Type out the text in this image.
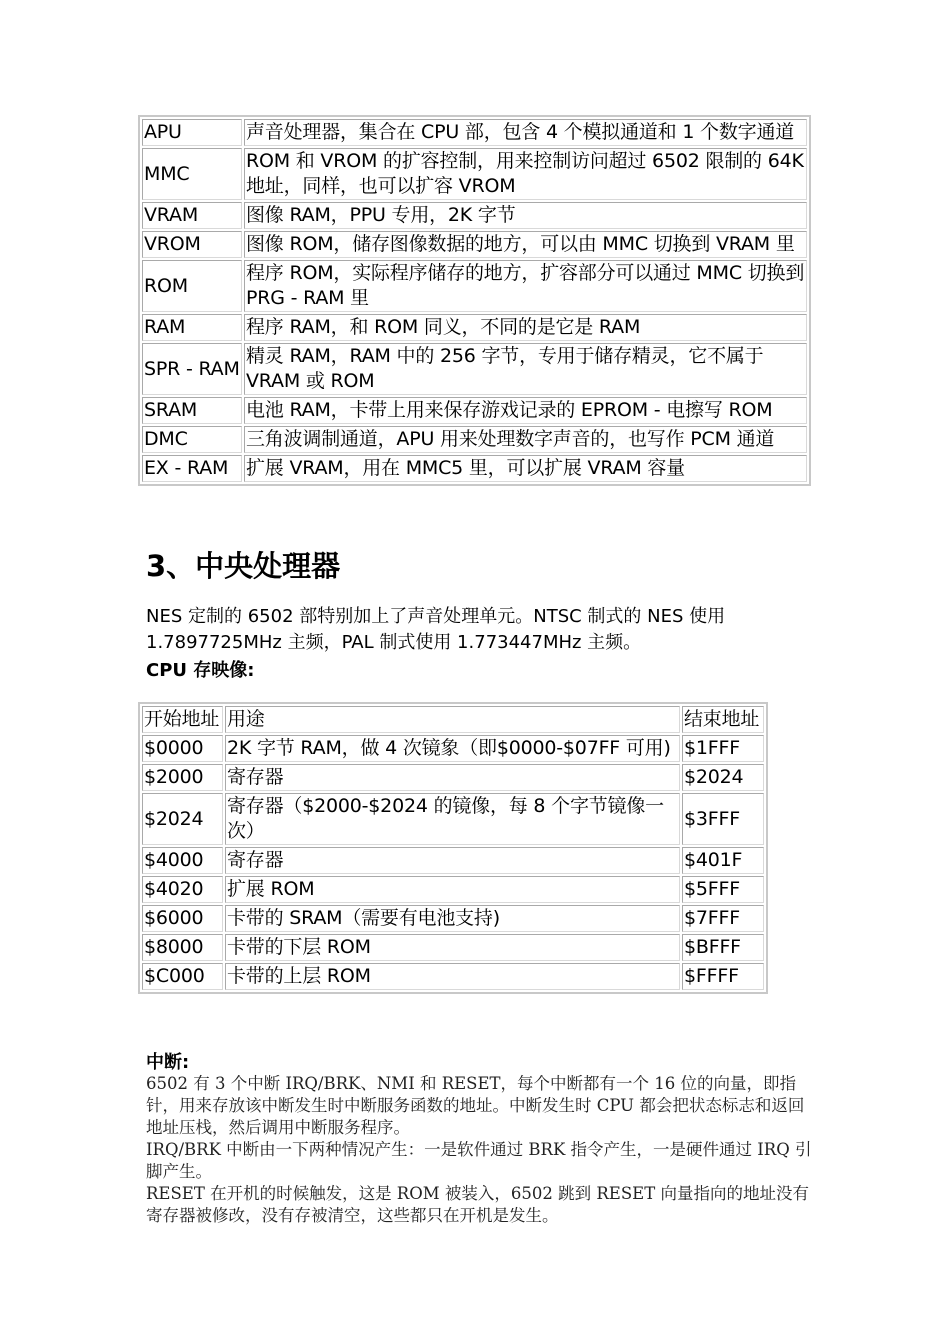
APU	声音处理器，集合在 CPU 部，包含 4 个模拟通道和 1 个数字通道
MMC	ROM 和 VROM 的扩容控制，用来控制访问超过 6502 限制的 64K 地址，同样，也可以扩容 VROM
VRAM	图像 RAM，PPU 专用，2K 字节
VROM	图像 ROM，储存图像数据的地方，可以由 MMC 切换到 VRAM 里
ROM	程序 ROM，实际程序储存的地方，扩容部分可以通过 MMC 切换到 PRG - RAM 里
RAM	程序 RAM，和 ROM 同义，不同的是它是 RAM
SPR - RAM	精灵 RAM，RAM 中的 256 字节，专用于储存精灵，它不属于 VRAM 或 ROM
SRAM	电池 RAM，卡带上用来保存游戏记录的 EPROM - 电擦写 ROM
DMC	三角波调制通道，APU 用来处理数字声音的，也写作 PCM 通道
EX - RAM	扩展 VRAM，用在 MMC5 里，可以扩展 VRAM 容量
3、中央处理器

NES 定制的 6502 部特别加上了声音处理单元。NTSC 制式的 NES 使用 1.7897725MHz 主频，PAL 制式使用 1.773447MHz 主频。

CPU 存映像:

开始地址	用途	结束地址
$0000	2K 字节 RAM，做 4 次镜象（即$0000-$07FF 可用)	$1FFF
$2000	寄存器	$2024
$2024	寄存器（$2000-$2024 的镜像，每 8 个字节镜像一次）	$3FFF
$4000	寄存器	$401F
$4020	扩展 ROM	$5FFF
$6000	卡带的 SRAM（需要有电池支持)	$7FFF
$8000	卡带的下层 ROM	$BFFF
$C000	卡带的上层 ROM	$FFFF

中断:

6502 有 3 个中断 IRQ/BRK、NMI 和 RESET，每个中断都有一个 16 位的向量，即指针，用来存放该中断发生时中断服务函数的地址。中断发生时 CPU 都会把状态标志和返回地址压栈，然后调用中断服务程序。

IRQ/BRK 中断由一下两种情况产生：一是软件通过 BRK 指令产生，一是硬件通过 IRQ 引脚产生。

RESET 在开机的时候触发，这是 ROM 被装入，6502 跳到 RESET 向量指向的地址没有寄存器被修改，没有存被清空，这些都只在开机是发生。
